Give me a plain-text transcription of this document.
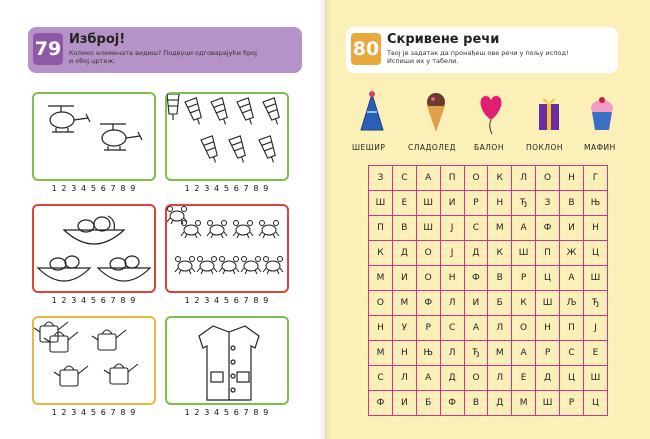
79 Изброј!
Колико елемената видиш? Подвуци одговарајући број
и обој цртеж.
80 Скривене речи
Твој је задатак да пронађеш ове речи у пољу испод!
Испиши их у табели.
1 2 3 4 5 6 7 8 9	1 2 3 4 5 6 7 8 9
1 2 3 4 5 6 7 8 9	1 2 3 4 5 6 7 8 9
1 2 3 4 5 6 7 8 9	1 2 3 4 5 6 7 8 9
ШЕШИР	СЛАДОЛЕД БАЛОН	ПОКЛОН	МАФИН
З	С	А	П	О	К	Л	О	Н	Г
Ш	Е	Ш	И	Р	Н	Ђ	З	В	Њ
П	В	Ш	Ј	С	М	А	Ф	И	Н
К	Д	О	Ј	Д	К	Ш	П	Ж	Ц
М	И	О	Н	Ф	В	Р	Ц	А	Ш
О	М	Ф	Л	И	Б	К	Ш	Љ	Ђ
Н	У	Р	С	А	Л	О	Н	П	Ј
М	Н	Њ	Л	Ђ	М	А	Р	С	Е
С	Л	А	Д	О	Л	Е	Д	Ц	Ш
Ф	И	Б	Ф	В	Д	М	Ш	Р	Ц
